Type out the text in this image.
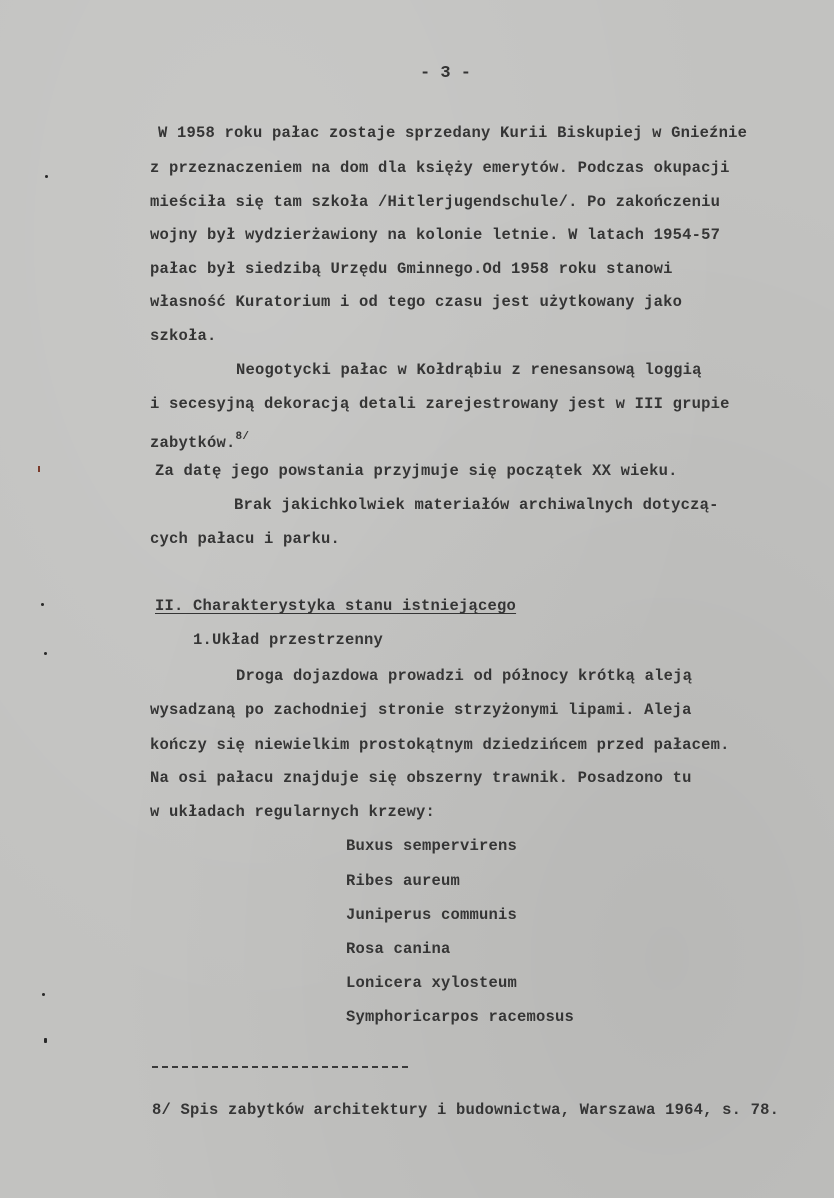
- 3 -
W 1958 roku pałac zostaje sprzedany Kurii Biskupiej w Gnieźnie
z przeznaczeniem na dom dla księży emerytów. Podczas okupacji
mieściła się tam szkoła /Hitlerjugendschule/. Po zakończeniu
wojny był wydzierżawiony na kolonie letnie. W latach 1954-57
pałac był siedzibą Urzędu Gminnego.Od 1958 roku stanowi
własność Kuratorium i od tego czasu jest użytkowany jako
szkoła.
Neogotycki pałac w Kołdrąbiu z renesansową loggią
i secesyjną dekoracją detali zarejestrowany jest w III grupie
zabytków.$^{8/}$
Za datę jego powstania przyjmuje się początek XX wieku.
Brak jakichkolwiek materiałów archiwalnych dotyczą-
cych pałacu i parku.
II. Charakterystyka stanu istniejącego
1.Układ przestrzenny
Droga dojazdowa prowadzi od północy krótką aleją
wysadzaną po zachodniej stronie strzyżonymi lipami. Aleja
kończy się niewielkim prostokątnym dziedzińcem przed pałacem.
Na osi pałacu znajduje się obszerny trawnik. Posadzono tu
w układach regularnych krzewy:
Buxus sempervirens
Ribes aureum
Juniperus communis
Rosa canina
Lonicera xylosteum
Symphoricarpos racemosus
8/ Spis zabytków architektury i budownictwa, Warszawa 1964, s. 78.
